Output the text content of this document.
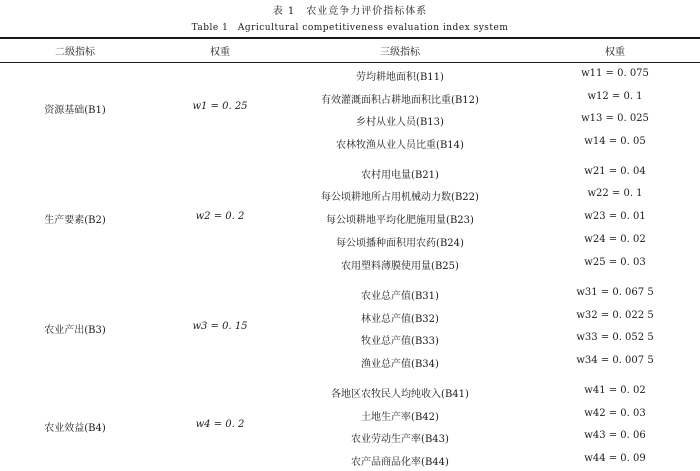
表 1　农业竞争力评价指标体系
Table 1　Agricultural competitiveness evaluation index system
二级指标	权重	三级指标	权重
资源基础(B1)	w1 = 0. 25
劳均耕地面积(B11)	w11 = 0. 075
有效灌溉面积占耕地面积比重(B12)	w12 = 0. 1
乡村从业人员(B13)	w13 = 0. 025
农林牧渔从业人员比重(B14)	w14 = 0. 05
生产要素(B2)	w2 = 0. 2
农村用电量(B21)	w21 = 0. 04
每公顷耕地所占用机械动力数(B22)	w22 = 0. 1
每公顷耕地平均化肥施用量(B23)	w23 = 0. 01
每公顷播种面积用农药(B24)	w24 = 0. 02
农用塑料薄膜使用量(B25)	w25 = 0. 03
农业产出(B3)	w3 = 0. 15
农业总产值(B31)	w31 = 0. 067 5
林业总产值(B32)	w32 = 0. 022 5
牧业总产值(B33)	w33 = 0. 052 5
渔业总产值(B34)	w34 = 0. 007 5
农业效益(B4)	w4 = 0. 2
各地区农牧民人均纯收入(B41)	w41 = 0. 02
土地生产率(B42)	w42 = 0. 03
农业劳动生产率(B43)	w43 = 0. 06
农产品商品化率(B44)	w44 = 0. 09
